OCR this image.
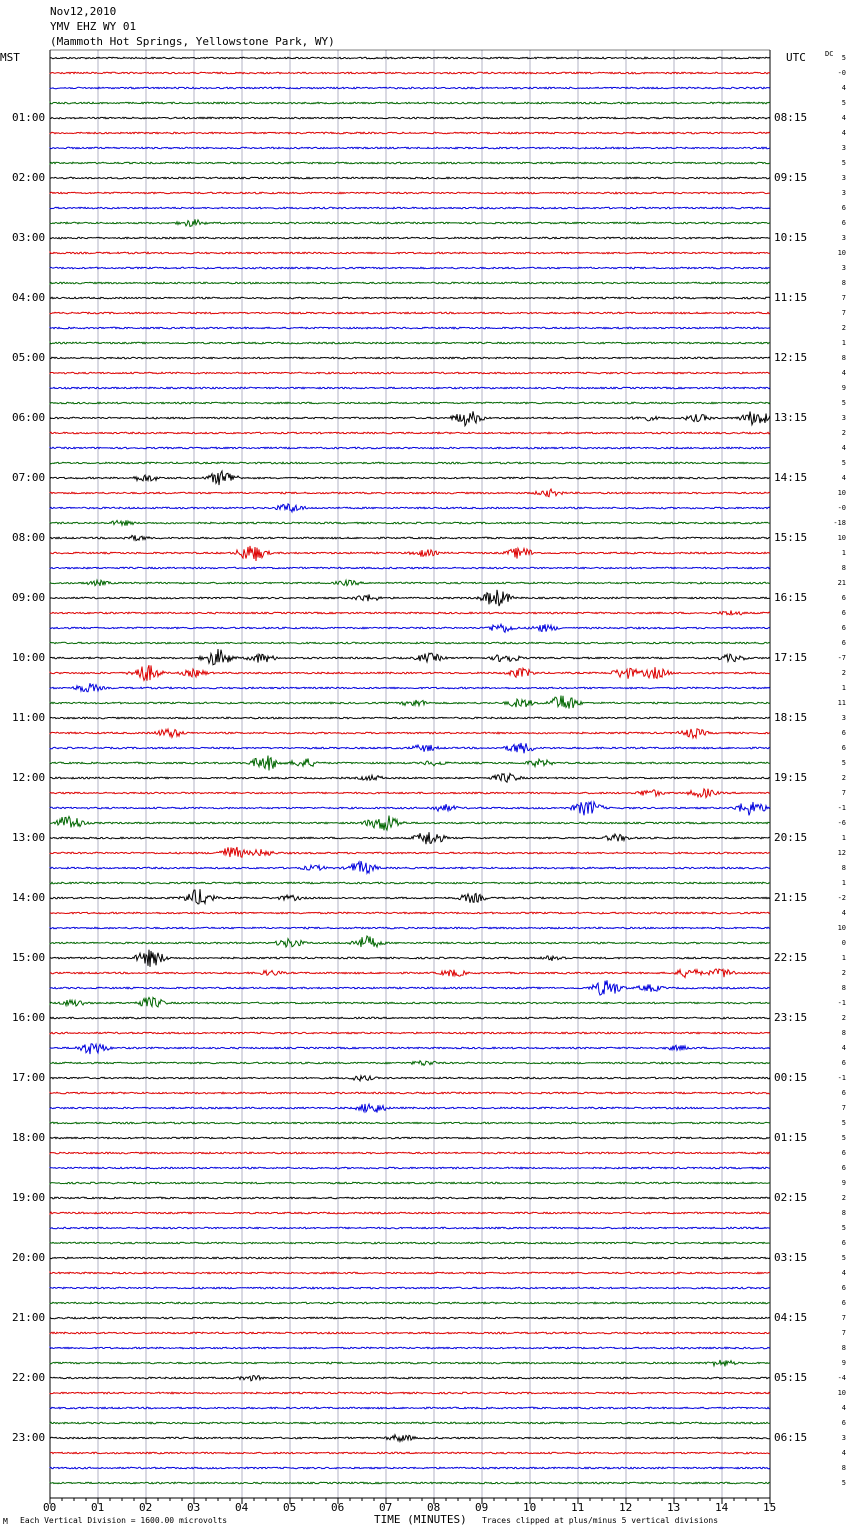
Nov12,2010
YMV EHZ WY 01
(Mammoth Hot Springs, Yellowstone Park, WY)
MST	UTC	DC
01:00
02:00
03:00
04:00
05:00
06:00
07:00
08:00
09:00
10:00
11:00
12:00
13:00
14:00
15:00
16:00
17:00
18:00
19:00
20:00
21:00
22:00
23:00
08:15
09:15
10:15
11:15
12:15
13:15
14:15
15:15
16:15
17:15
18:15
19:15
20:15
21:15
22:15
23:15
00:15
01:15
02:15
03:15
04:15
05:15
06:15
5
-0
4
5
4
4
3
5
3
3
6
6
3
10
3
8
7
7
2
1
8
4
9
5
3
2
4
5
4
10
-0
-18
10
1
8
21
6
6
6
6
-7
2
1
11
3
6
6
5
2
7
-1
-6
1
12
8
1
-2
4
10
0
1
2
8
-1
2
8
4
6
-1
6
7
5
5
6
6
9
2
8
5
6
5
4
6
6
7
7
8
9
-4
10
4
6
3
4
8
5
00	01	02	03	04	05	06	07	08	09	10	11	12	13	14	15
M Each Vertical Division = 1600.00 microvolts	TIME (MINUTES) Traces clipped at plus/minus 5 vertical divisions
